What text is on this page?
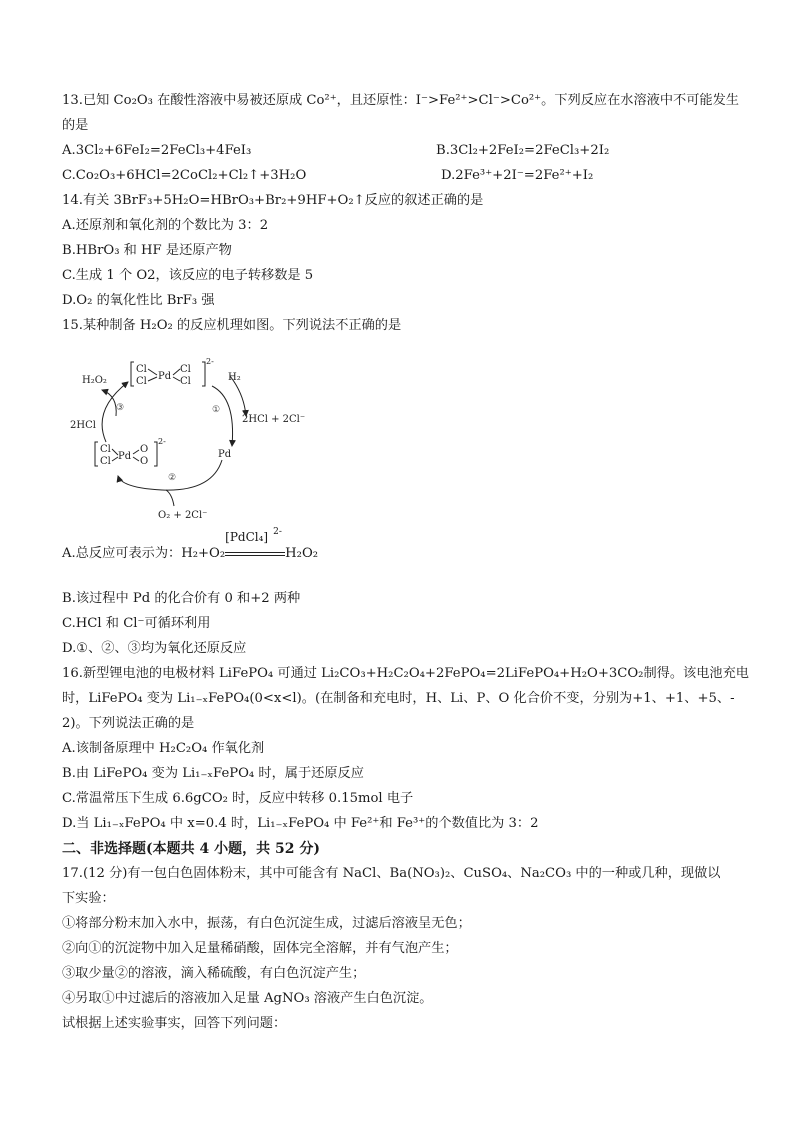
13.已知 Co₂O₃ 在酸性溶液中易被还原成 Co²⁺，且还原性：I⁻>Fe²⁺>Cl⁻>Co²⁺。下列反应在水溶液中不可能发生
的是
A.3Cl₂+6FeI₂=2FeCl₃+4FeI₃	B.3Cl₂+2FeI₂=2FeCl₃+2I₂
C.Co₂O₃+6HCl=2CoCl₂+Cl₂↑+3H₂O	D.2Fe³⁺+2I⁻=2Fe²⁺+I₂
14.有关 3BrF₃+5H₂O=HBrO₃+Br₂+9HF+O₂↑反应的叙述正确的是
A.还原剂和氧化剂的个数比为 3：2
B.HBrO₃ 和 HF 是还原产物
C.生成 1 个 O2，该反应的电子转移数是 5
D.O₂ 的氧化性比 BrF₃ 强
15.某种制备 H₂O₂ 的反应机理如图。下列说法不正确的是
Cl
Cl Pd
Cl
Cl
2-
H₂O₂	H₂
①
③
②
2HCl
2HCl + 2Cl⁻
Pd
Cl
Cl Pd
O
O
2-
O₂ + 2Cl⁻
A.总反应可表示为：H₂+O₂
[PdCl₄] 2-
H₂O₂
B.该过程中 Pd 的化合价有 0 和+2 两种
C.HCl 和 Cl⁻可循环利用
D.①、②、③均为氧化还原反应
16.新型锂电池的电极材料 LiFePO₄ 可通过 Li₂CO₃+H₂C₂O₄+2FePO₄=2LiFePO₄+H₂O+3CO₂制得。该电池充电
时，LiFePO₄ 变为 Li₁₋ₓFePO₄(0<x<l)。(在制备和充电时，H、Li、P、O 化合价不变，分别为+1、+1、+5、-
2)。下列说法正确的是
A.该制备原理中 H₂C₂O₄ 作氧化剂
B.由 LiFePO₄ 变为 Li₁₋ₓFePO₄ 时，属于还原反应
C.常温常压下生成 6.6gCO₂ 时，反应中转移 0.15mol 电子
D.当 Li₁₋ₓFePO₄ 中 x=0.4 时，Li₁₋ₓFePO₄ 中 Fe²⁺和 Fe³⁺的个数值比为 3：2
二、非选择题(本题共 4 小题，共 52 分)
17.(12 分)有一包白色固体粉末，其中可能含有 NaCl、Ba(NO₃)₂、CuSO₄、Na₂CO₃ 中的一种或几种，现做以
下实验：
①将部分粉末加入水中，振荡，有白色沉淀生成，过滤后溶液呈无色；
②向①的沉淀物中加入足量稀硝酸，固体完全溶解，并有气泡产生；
③取少量②的溶液，滴入稀硫酸，有白色沉淀产生；
④另取①中过滤后的溶液加入足量 AgNO₃ 溶液产生白色沉淀。
试根据上述实验事实，回答下列问题：
